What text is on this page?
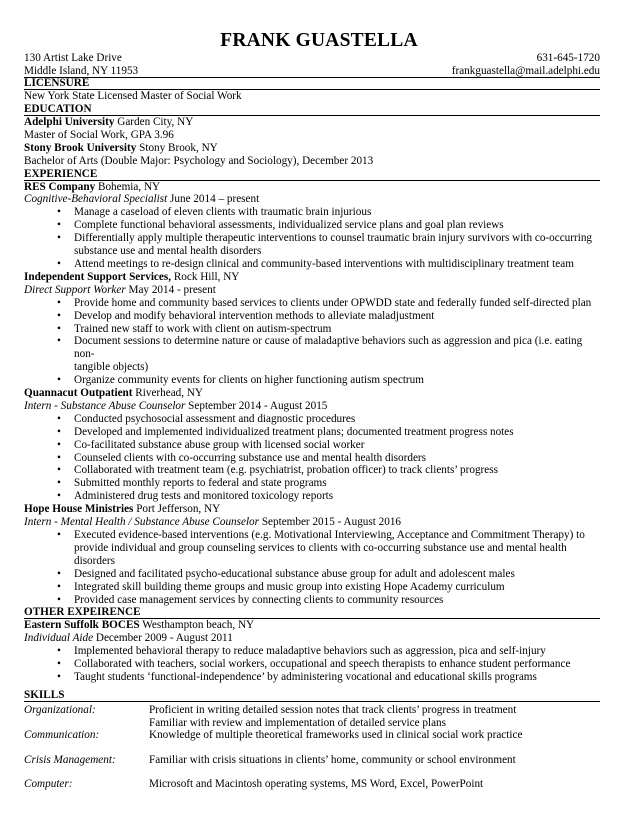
FRANK GUASTELLA
130 Artist Lake Drive
Middle Island, NY 11953
631-645-1720
frankguastella@mail.adelphi.edu
LICENSURE
New York State Licensed Master of Social Work
EDUCATION
Adelphi University Garden City, NY
Master of Social Work, GPA 3.96
Stony Brook University Stony Brook, NY
Bachelor of Arts (Double Major: Psychology and Sociology), December 2013
EXPERIENCE
RES Company Bohemia, NY
Cognitive-Behavioral Specialist June 2014 – present
• Manage a caseload of eleven clients with traumatic brain injurious
• Complete functional behavioral assessments, individualized service plans and goal plan reviews
• Differentially apply multiple therapeutic interventions to counsel traumatic brain injury survivors with co-occurring
substance use and mental health disorders
• Attend meetings to re-design clinical and community-based interventions with multidisciplinary treatment team
Independent Support Services, Rock Hill, NY
Direct Support Worker May 2014 - present
• Provide home and community based services to clients under OPWDD state and federally funded self-directed plan
• Develop and modify behavioral intervention methods to alleviate maladjustment
• Trained new staff to work with client on autism-spectrum
• Document sessions to determine nature or cause of maladaptive behaviors such as aggression and pica (i.e. eating non-
tangible objects)
• Organize community events for clients on higher functioning autism spectrum
Quannacut Outpatient Riverhead, NY
Intern - Substance Abuse Counselor September 2014 - August 2015
• Conducted psychosocial assessment and diagnostic procedures
• Developed and implemented individualized treatment plans; documented treatment progress notes
• Co-facilitated substance abuse group with licensed social worker
• Counseled clients with co-occurring substance use and mental health disorders
• Collaborated with treatment team (e.g. psychiatrist, probation officer) to track clients’ progress
• Submitted monthly reports to federal and state programs
• Administered drug tests and monitored toxicology reports
Hope House Ministries Port Jefferson, NY
Intern - Mental Health / Substance Abuse Counselor September 2015 - August 2016
• Executed evidence-based interventions (e.g. Motivational Interviewing, Acceptance and Commitment Therapy) to
provide individual and group counseling services to clients with co-occurring substance use and mental health disorders
• Designed and facilitated psycho-educational substance abuse group for adult and adolescent males
• Integrated skill building theme groups and music group into existing Hope Academy curriculum
• Provided case management services by connecting clients to community resources
OTHER EXPEIRENCE
Eastern Suffolk BOCES Westhampton beach, NY
Individual Aide December 2009 - August 2011
• Implemented behavioral therapy to reduce maladaptive behaviors such as aggression, pica and self-injury
• Collaborated with teachers, social workers, occupational and speech therapists to enhance student performance
• Taught students ‘functional-independence’ by administering vocational and educational skills programs
SKILLS
Organizational:	Proficient in writing detailed session notes that track clients’ progress in treatment
Familiar with review and implementation of detailed service plans
Communication:	Knowledge of multiple theoretical frameworks used in clinical social work practice
Crisis Management:	Familiar with crisis situations in clients’ home, community or school environment
Computer:	Microsoft and Macintosh operating systems, MS Word, Excel, PowerPoint
